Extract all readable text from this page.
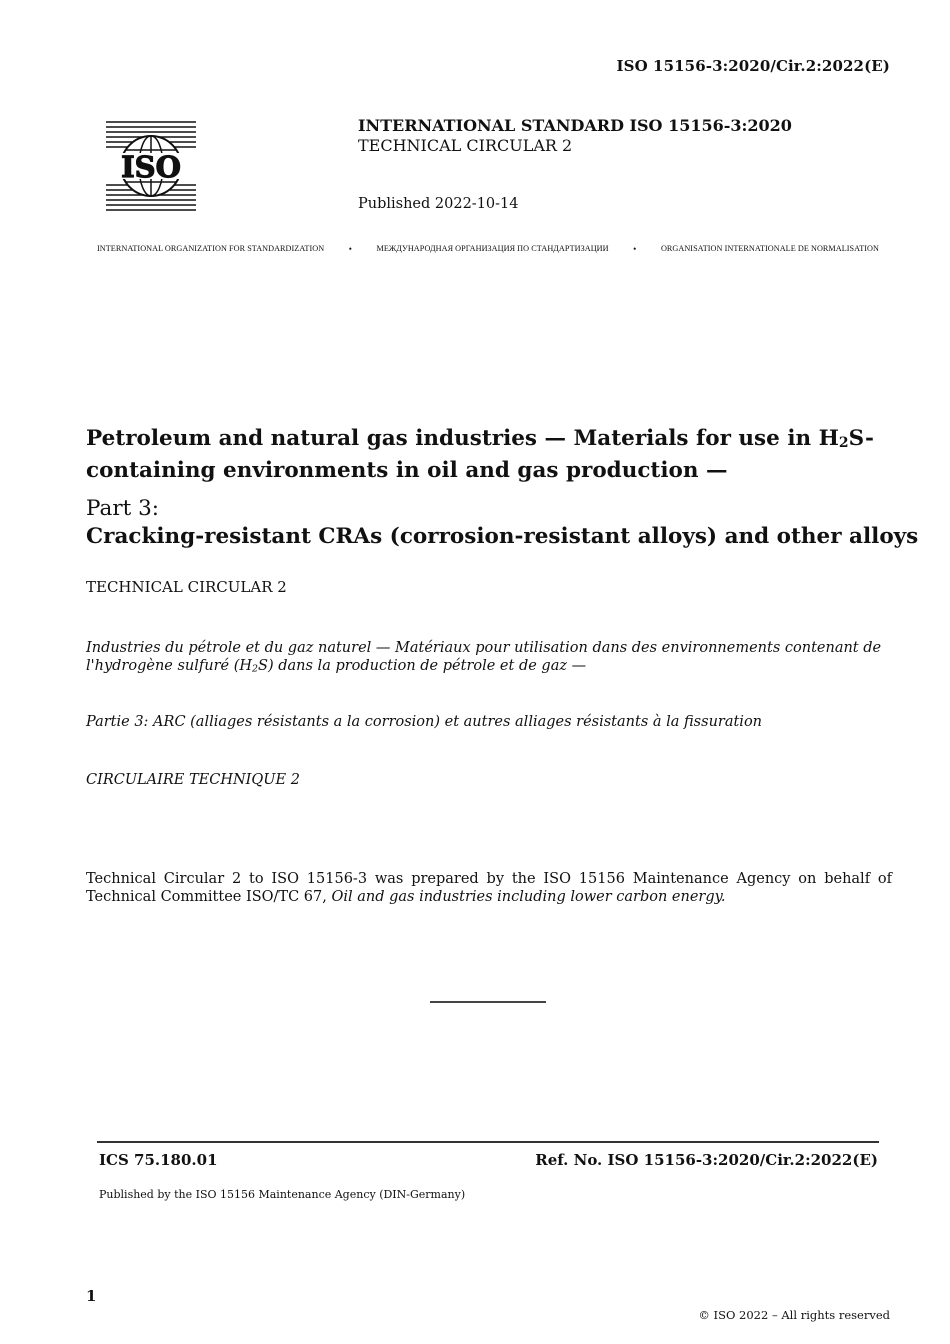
ISO 15156-3:2020/Cir.2:2022(E)
ISO
INTERNATIONAL STANDARD ISO 15156-3:2020
TECHNICAL CIRCULAR 2
Published 2022-10-14
INTERNATIONAL ORGANIZATION FOR STANDARDIZATION	•	МЕЖДУНАРОДНАЯ ОРГАНИЗАЦИЯ ПО СТАНДАРТИЗАЦИИ	•	ORGANISATION INTERNATIONALE DE NORMALISATION
Petroleum and natural gas industries — Materials for use in $H_2S$-containing environments in oil and gas production —
Part 3:
Cracking-resistant CRAs (corrosion-resistant alloys) and other alloys
TECHNICAL CIRCULAR 2
Industries du pétrole et du gaz naturel — Matériaux pour utilisation dans des environnements contenant de l'hydrogène sulfuré $(H_2S)$ dans la production de pétrole et de gaz —
Partie 3: ARC (alliages résistants a la corrosion) et autres alliages résistants à la fissuration
CIRCULAIRE TECHNIQUE 2
Technical Circular 2 to ISO 15156-3 was prepared by the ISO 15156 Maintenance Agency on behalf of Technical Committee ISO/TC 67, Oil and gas industries including lower carbon energy.
ICS 75.180.01	Ref. No. ISO 15156-3:2020/Cir.2:2022(E)
Published by the ISO 15156 Maintenance Agency (DIN-Germany)
1
© ISO 2022 – All rights reserved
